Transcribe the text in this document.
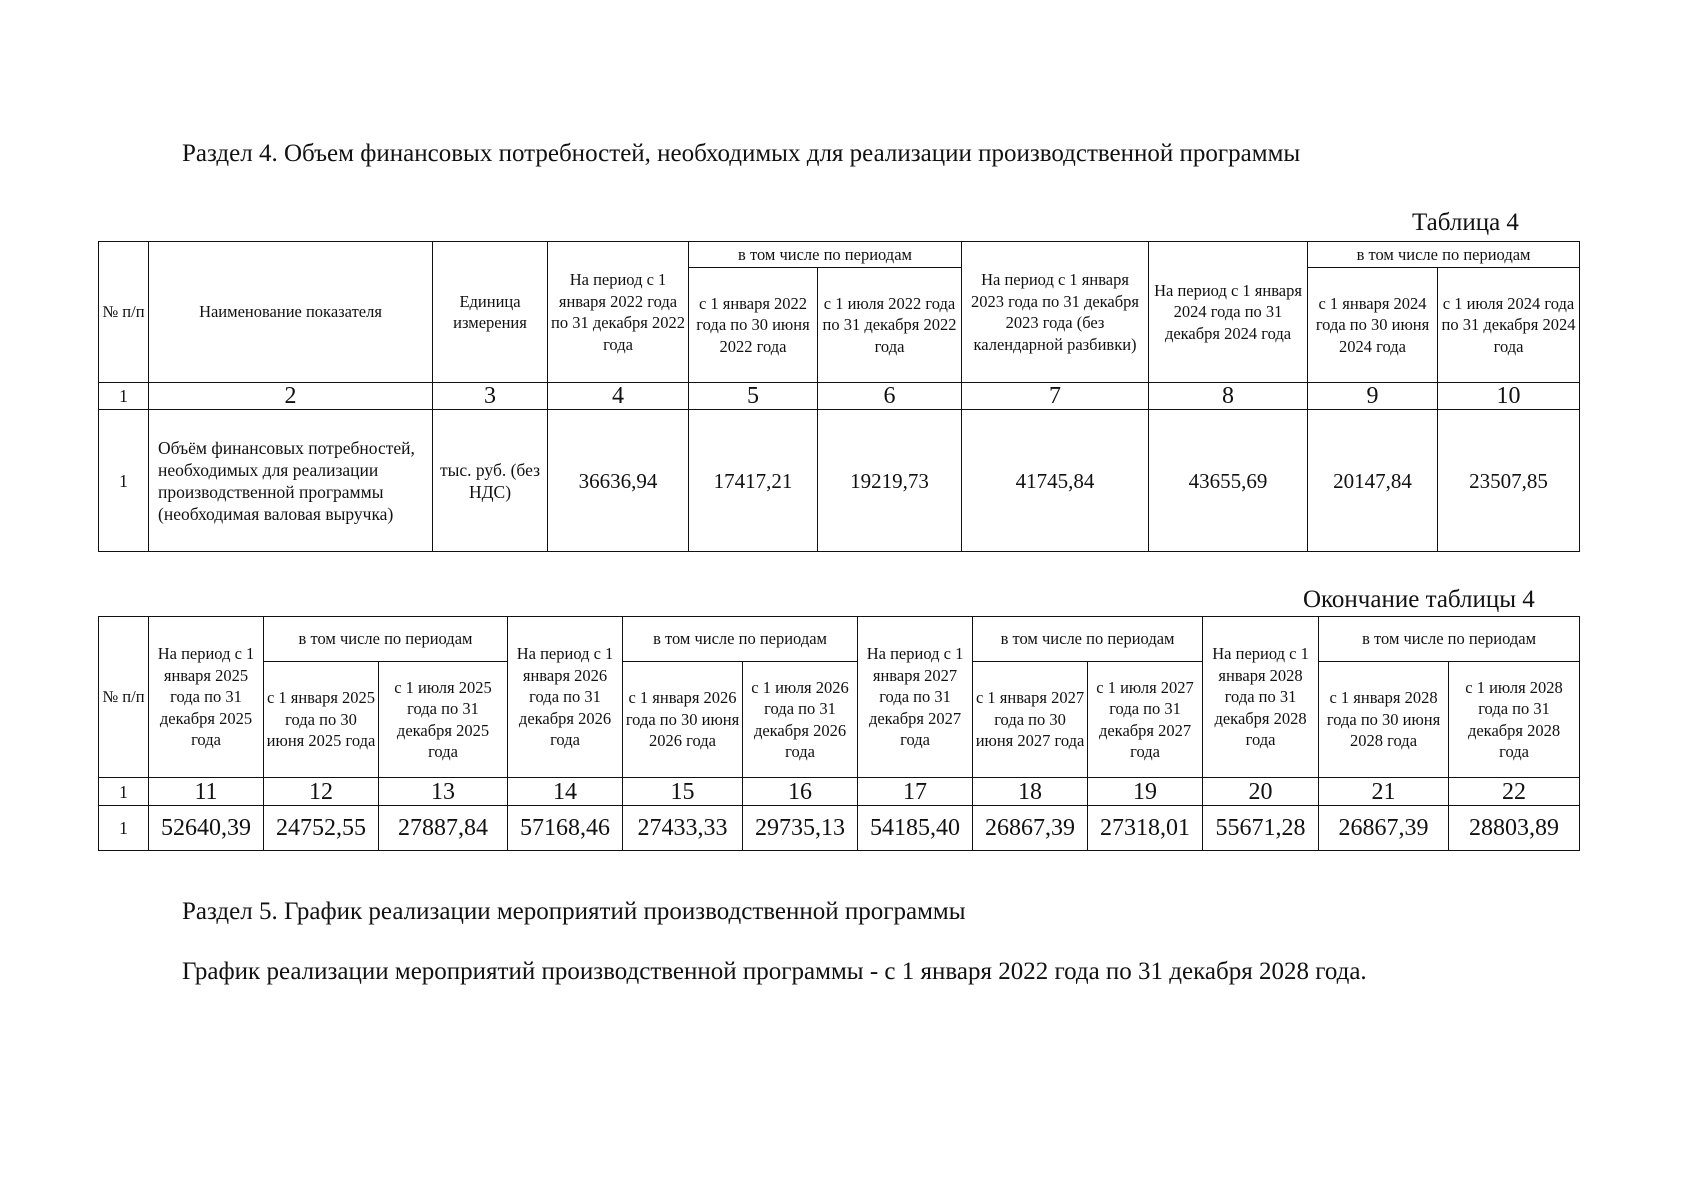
Раздел 4. Объем финансовых потребностей, необходимых для реализации производственной программы
Таблица 4
№ п/п	Наименование показателя	Единица измерения	На период с 1 января 2022 года по 31 декабря 2022 года	в том числе по периодам		На период с 1 января 2023 года по 31 декабря 2023 года (без календарной разбивки)	На период с 1 января 2024 года по 31 декабря 2024 года	в том числе по периодам	
				с 1 января 2022 года по 30 июня 2022 года	с 1 июля 2022 года по 31 декабря 2022 года			с 1 января 2024 года по 30 июня 2024 года	с 1 июля 2024 года по 31 декабря 2024 года
1	2	3	4	5	6	7	8	9	10
1	Объём финансовых потребностей, необходимых для реализации производственной программы (необходимая валовая выручка)	тыс. руб. (без НДС)	36636,94	17417,21	19219,73	41745,84	43655,69	20147,84	23507,85
Окончание таблицы 4
№ п/п	На период с 1 января 2025 года по 31 декабря 2025 года	в том числе по периодам		На период с 1 января 2026 года по 31 декабря 2026 года	в том числе по периодам		На период с 1 января 2027 года по 31 декабря 2027 года	в том числе по периодам		На период с 1 января 2028 года по 31 декабря 2028 года	в том числе по периодам	
		с 1 января 2025 года по 30 июня 2025 года	с 1 июля 2025 года по 31 декабря 2025 года		с 1 января 2026 года по 30 июня 2026 года	с 1 июля 2026 года по 31 декабря 2026 года		с 1 января 2027 года по 30 июня 2027 года	с 1 июля 2027 года по 31 декабря 2027 года		с 1 января 2028 года по 30 июня 2028 года	с 1 июля 2028 года по 31 декабря 2028 года
1	11	12	13	14	15	16	17	18	19	20	21	22
1	52640,39	24752,55	27887,84	57168,46	27433,33	29735,13	54185,40	26867,39	27318,01	55671,28	26867,39	28803,89
Раздел 5. График реализации мероприятий производственной программы
График реализации мероприятий производственной программы - с 1 января 2022 года по 31 декабря 2028 года.
